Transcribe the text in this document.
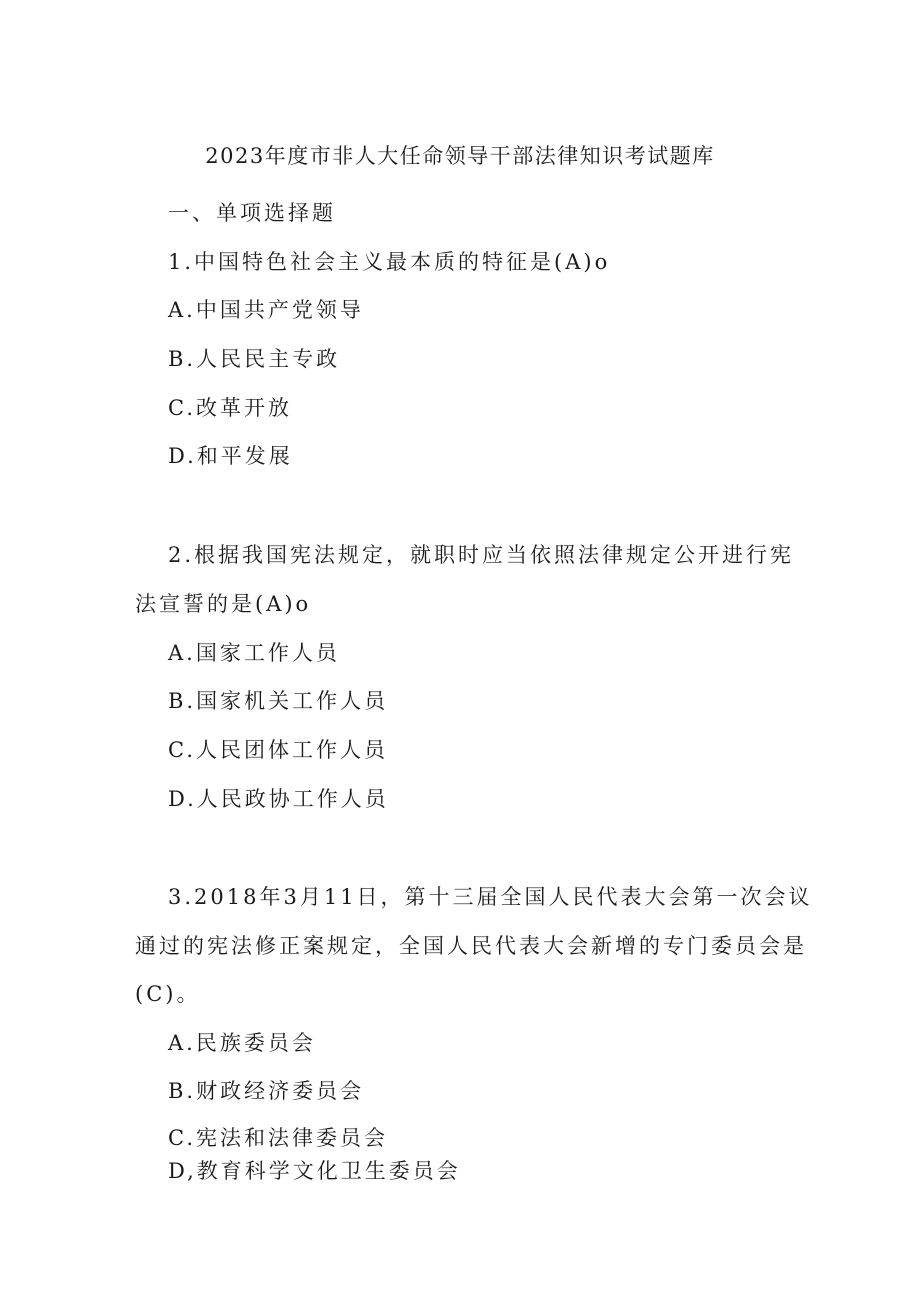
2023年度市非人大任命领导干部法律知识考试题库
一、单项选择题
1.中国特色社会主义最本质的特征是(A)o
A.中国共产党领导
B.人民民主专政
C.改革开放
D.和平发展
2.根据我国宪法规定，就职时应当依照法律规定公开进行宪
法宣誓的是(A)o
A.国家工作人员
B.国家机关工作人员
C.人民团体工作人员
D.人民政协工作人员
3.2018年3月11日，第十三届全国人民代表大会第一次会议
通过的宪法修正案规定，全国人民代表大会新增的专门委员会是
(C)。
A.民族委员会
B.财政经济委员会
C.宪法和法律委员会
D,教育科学文化卫生委员会
